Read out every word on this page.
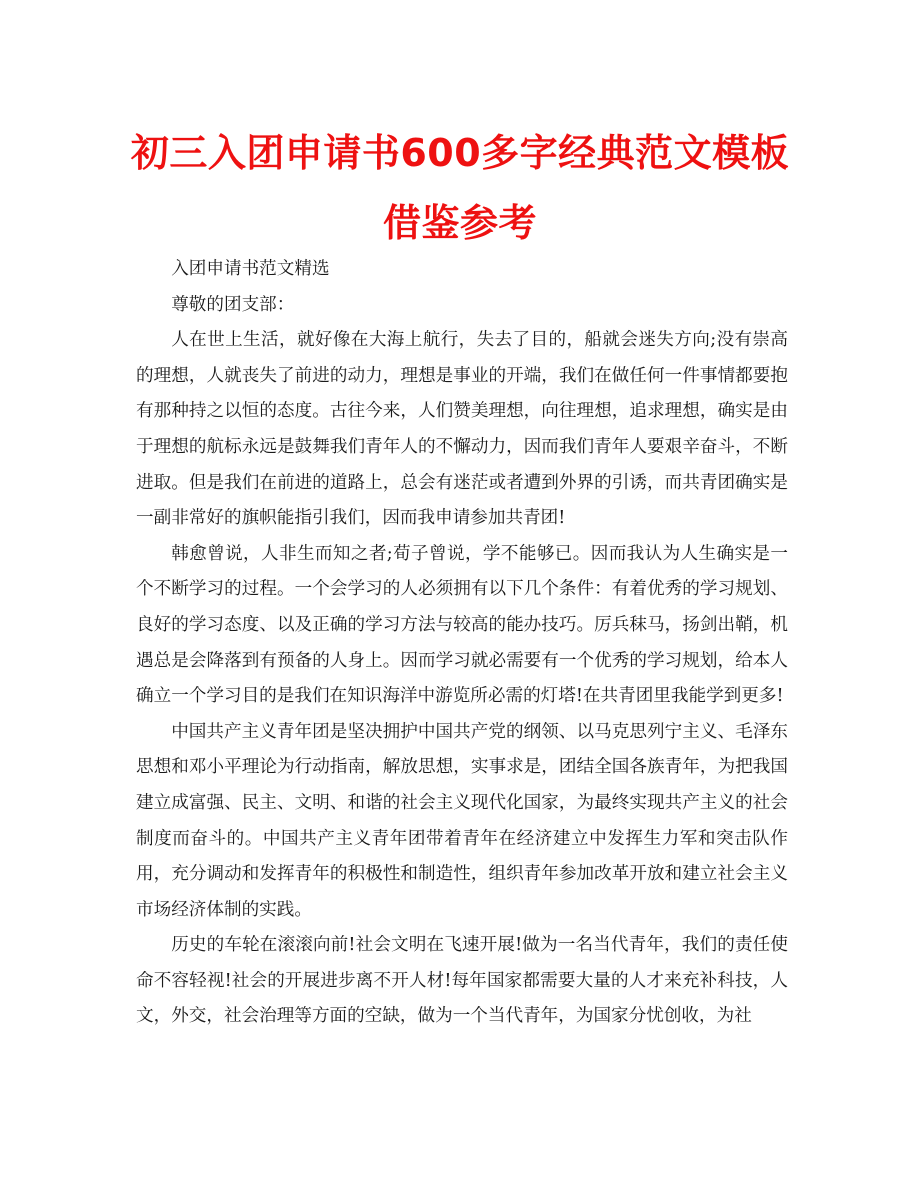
初三入团申请书600多字经典范文模板借鉴参考

入团申请书范文精选

尊敬的团支部：

人在世上生活，就好像在大海上航行，失去了目的，船就会迷失方向;没有崇高的理想，人就丧失了前进的动力，理想是事业的开端，我们在做任何一件事情都要抱有那种持之以恒的态度。古往今来，人们赞美理想，向往理想，追求理想，确实是由于理想的航标永远是鼓舞我们青年人的不懈动力，因而我们青年人要艰辛奋斗，不断进取。但是我们在前进的道路上，总会有迷茫或者遭到外界的引诱，而共青团确实是一副非常好的旗帜能指引我们，因而我申请参加共青团!

韩愈曾说，人非生而知之者;荀子曾说，学不能够已。因而我认为人生确实是一个不断学习的过程。一个会学习的人必须拥有以下几个条件：有着优秀的学习规划、良好的学习态度、以及正确的学习方法与较高的能办技巧。厉兵秣马，扬剑出鞘，机遇总是会降落到有预备的人身上。因而学习就必需要有一个优秀的学习规划，给本人确立一个学习目的是我们在知识海洋中游览所必需的灯塔!在共青团里我能学到更多!

中国共产主义青年团是坚决拥护中国共产党的纲领、以马克思列宁主义、毛泽东思想和邓小平理论为行动指南，解放思想，实事求是，团结全国各族青年，为把我国建立成富强、民主、文明、和谐的社会主义现代化国家，为最终实现共产主义的社会制度而奋斗的。中国共产主义青年团带着青年在经济建立中发挥生力军和突击队作用，充分调动和发挥青年的积极性和制造性，组织青年参加改革开放和建立社会主义市场经济体制的实践。

历史的车轮在滚滚向前!社会文明在飞速开展!做为一名当代青年，我们的责任使命不容轻视!社会的开展进步离不开人材!每年国家都需要大量的人才来充补科技，人文，外交，社会治理等方面的空缺，做为一个当代青年，为国家分忧创收，为社
